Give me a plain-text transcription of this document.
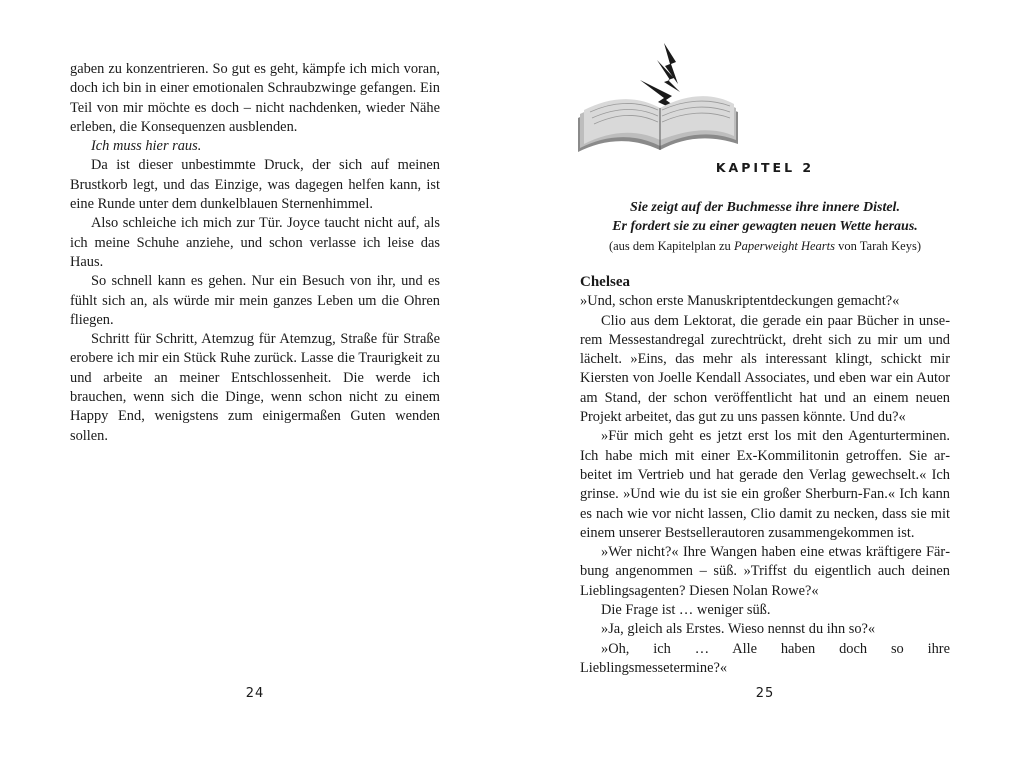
gaben zu konzentrieren. So gut es geht, kämpfe ich mich voran, doch ich bin in einer emotionalen Schraubzwinge gefangen. Ein Teil von mir möchte es doch – nicht nachdenken, wieder Nähe erleben, die Konsequenzen ausblenden.

Ich muss hier raus.

Da ist dieser unbestimmte Druck, der sich auf meinen Brustkorb legt, und das Einzige, was dagegen helfen kann, ist eine Runde unter dem dunkelblauen Sternenhimmel.

Also schleiche ich mich zur Tür. Joyce taucht nicht auf, als ich meine Schuhe anziehe, und schon verlasse ich leise das Haus.

So schnell kann es gehen. Nur ein Besuch von ihr, und es fühlt sich an, als würde mir mein ganzes Leben um die Ohren fliegen.

Schritt für Schritt, Atemzug für Atemzug, Straße für Straße erobere ich mir ein Stück Ruhe zurück. Lasse die Traurigkeit zu und arbeite an meiner Entschlossenheit. Die werde ich brauchen, wenn sich die Dinge, wenn schon nicht zu einem Happy End, wenigstens zum einigermaßen Guten wenden sollen.

24
KAPITEL 2
Sie zeigt auf der Buchmesse ihre innere Distel.
Er fordert sie zu einer gewagten neuen Wette heraus.
(aus dem Kapitelplan zu Paperweight Hearts von Tarah Keys)

Chelsea

»Und, schon erste Manuskriptentdeckungen gemacht?«

Clio aus dem Lektorat, die gerade ein paar Bücher in unserem Messestandregal zurechtrückt, dreht sich zu mir um und lächelt. »Eins, das mehr als interessant klingt, schickt mir Kiersten von Joelle Kendall Associates, und eben war ein Autor am Stand, der schon veröffentlicht hat und an einem neuen Projekt arbeitet, das gut zu uns passen könnte. Und du?«

»Für mich geht es jetzt erst los mit den Agenturterminen. Ich habe mich mit einer Ex-Kommilitonin getroffen. Sie arbeitet im Vertrieb und hat gerade den Verlag gewechselt.« Ich grinse. »Und wie du ist sie ein großer Sherburn-Fan.« Ich kann es nach wie vor nicht lassen, Clio damit zu necken, dass sie mit einem unserer Bestsellerautoren zusammengekommen ist.

»Wer nicht?« Ihre Wangen haben eine etwas kräftigere Färbung angenommen – süß. »Triffst du eigentlich auch deinen Lieblingsagenten? Diesen Nolan Rowe?«

Die Frage ist … weniger süß.

»Ja, gleich als Erstes. Wieso nennst du ihn so?«

»Oh, ich … Alle haben doch so ihre Lieblingsmessetermine?«

25
